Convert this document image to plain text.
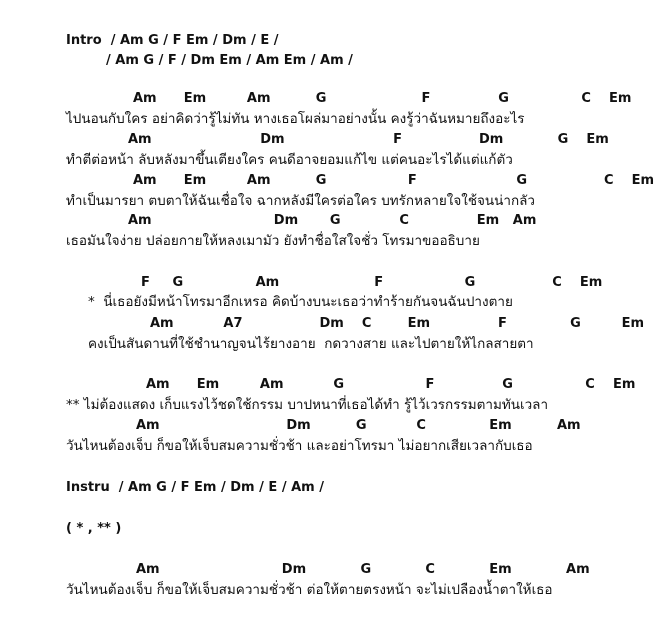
Intro  / Am G / F Em / Dm / E /
/ Am G / F / Dm Em / Am Em / Am /
Am      Em         Am          G                     F               G                C    Em
ไปนอนกับใคร อย่าคิดว่ารู้ไม่ทัน หางเธอโผล่มาอย่างนั้น คงรู้ว่าฉันหมายถึงอะไร
Am                        Dm                        F                 Dm            G    Em
ทำตีต่อหน้า ลับหลังมาขึ้นเตียงใคร คนดีอาจยอมแก้ไข แต่คนอะไรได้แต่แก้ตัว
Am      Em         Am          G                  F                      G                 C    Em
ทำเป็นมารยา ตบตาให้ฉันเชื่อใจ ฉากหลังมีใครต่อใคร บทรักหลายใจใช้จนน่ากลัว
Am                           Dm       G             C               Em   Am
เธอมันใจง่าย ปล่อยกายให้หลงเมามัว ยังทำชื่อใสใจชั่ว โทรมาขออธิบาย
F     G                Am                     F                  G                 C    Em
*  นี่เธอยังมีหน้าโทรมาอีกเหรอ คิดบ้างบนะเธอว่าทำร้ายกันจนฉันปางตาย
Am           A7                 Dm    C        Em               F              G         Em
คงเป็นสันดานที่ใช้ชำนาญจนไร้ยางอาย  กดวางสาย และไปตายให้ไกลสายตา
Am      Em         Am           G                  F               G                C    Em
** ไม่ต้องแสดง เก็บแรงไว้ชดใช้กรรม บาปหนาที่เธอได้ทำ รู้ไว้เวรกรรมตามทันเวลา
Am                            Dm          G           C              Em          Am
วันไหนต้องเจ็บ ก็ขอให้เจ็บสมความชั่วช้า และอย่าโทรมา ไม่อยากเสียเวลากับเธอ
Instru  / Am G / F Em / Dm / E / Am /
( * , ** )
Am                           Dm            G            C            Em            Am
วันไหนต้องเจ็บ ก็ขอให้เจ็บสมความชั่วช้า ต่อให้ตายตรงหน้า จะไม่เปลืองน้ำตาให้เธอ
